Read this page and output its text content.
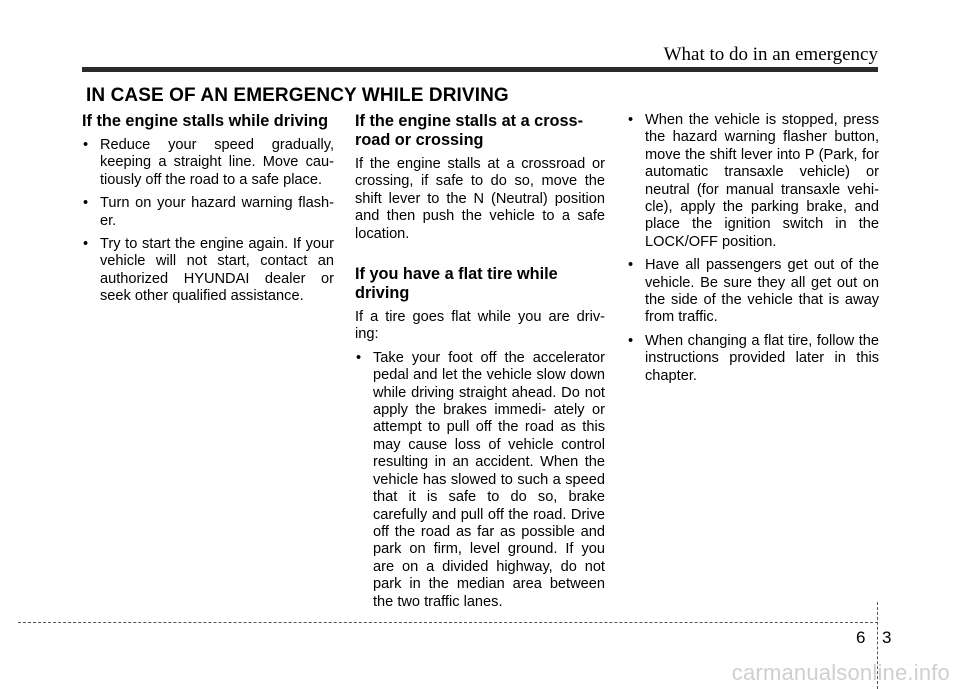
What to do in an emergency
IN CASE OF AN EMERGENCY WHILE DRIVING
If the engine stalls while driving
• Reduce your speed gradually, keeping a straight line. Move cau- tiously off the road to a safe place.
• Turn on your hazard warning flash- er.
• Try to start the engine again. If your vehicle will not start, contact an authorized HYUNDAI dealer or seek other qualified assistance.
If the engine stalls at a cross- road or crossing
If the engine stalls at a crossroad or crossing, if safe to do so, move the shift lever to the N (Neutral) position and then push the vehicle to a safe location.
If you have a flat tire while driving
If a tire goes flat while you are driv- ing:
• Take your foot off the accelerator pedal and let the vehicle slow down while driving straight ahead. Do not apply the brakes immedi- ately or attempt to pull off the road as this may cause loss of vehicle control resulting in an accident. When the vehicle has slowed to such a speed that it is safe to do so, brake carefully and pull off the road. Drive off the road as far as possible and park on firm, level ground. If you are on a divided highway, do not park in the median area between the two traffic lanes.
• When the vehicle is stopped, press the hazard warning flasher button, move the shift lever into P (Park, for automatic transaxle vehicle) or neutral (for manual transaxle vehi- cle), apply the parking brake, and place the ignition switch in the LOCK/OFF position.
• Have all passengers get out of the vehicle. Be sure they all get out on the side of the vehicle that is away from traffic.
• When changing a flat tire, follow the instructions provided later in this chapter.
6 3
carmanualsonline.info
